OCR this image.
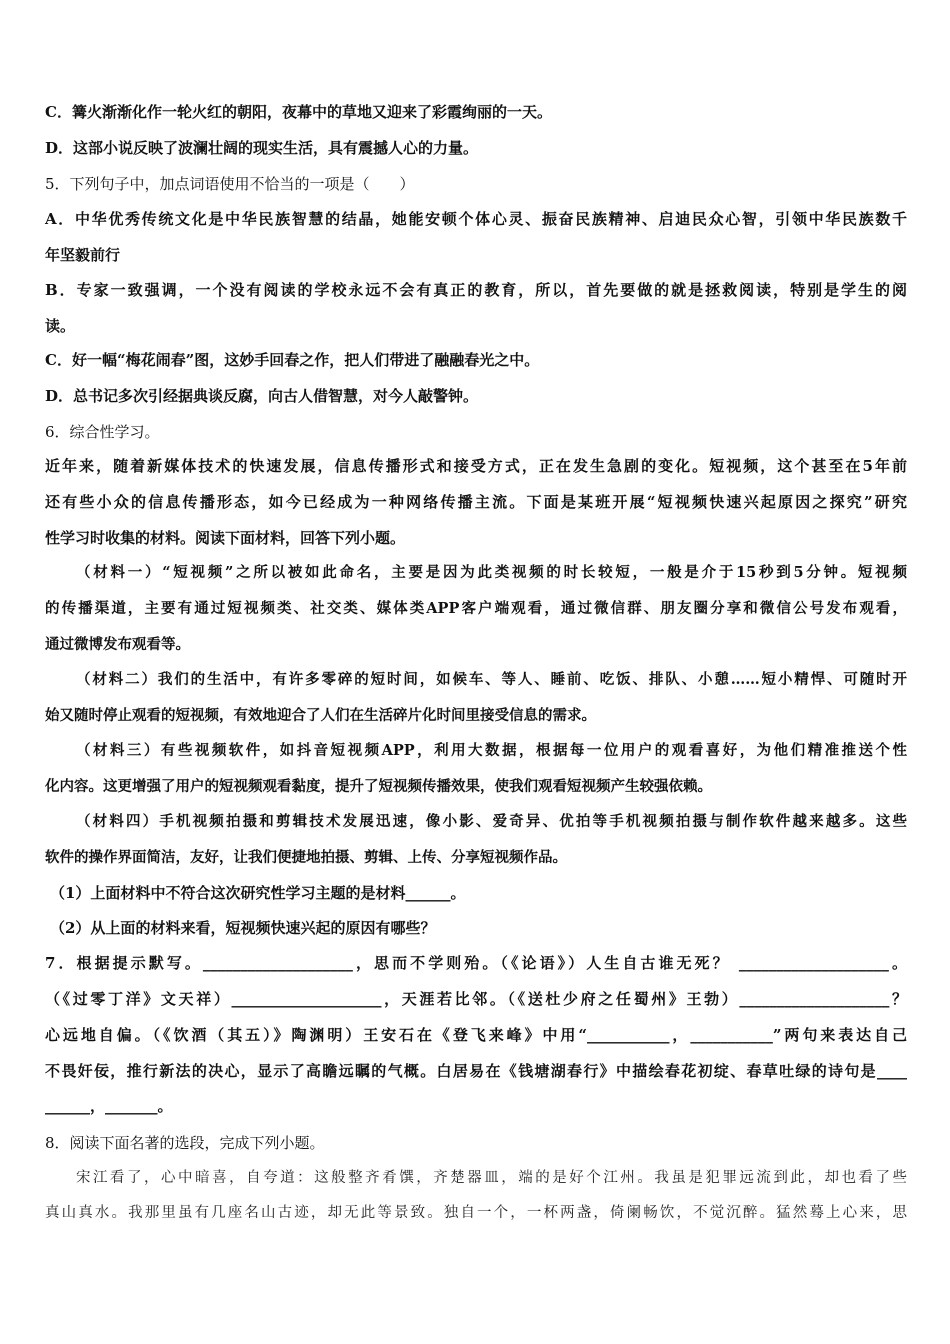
C．篝火渐渐化作一轮火红的朝阳，夜幕中的草地又迎来了彩霞绚丽的一天。
D．这部小说反映了波澜壮阔的现实生活，具有震撼人心的力量。
5．下列句子中，加点词语使用不恰当的一项是（　　）
A．中华优秀传统文化是中华民族智慧的结晶，她能安顿个体心灵、振奋民族精神、启迪民众心智，引领中华民族数千
年坚毅前行
B．专家一致强调，一个没有阅读的学校永远不会有真正的教育，所以，首先要做的就是拯救阅读，特别是学生的阅
读。
C．好一幅“梅花闹春”图，这妙手回春之作，把人们带进了融融春光之中。
D．总书记多次引经据典谈反腐，向古人借智慧，对今人敲警钟。
6．综合性学习。
近年来，随着新媒体技术的快速发展，信息传播形式和接受方式，正在发生急剧的变化。短视频，这个甚至在5年前
还有些小众的信息传播形态，如今已经成为一种网络传播主流。下面是某班开展“短视频快速兴起原因之探究”研究
性学习时收集的材料。阅读下面材料，回答下列小题。
（材料一）“短视频”之所以被如此命名，主要是因为此类视频的时长较短，一般是介于15秒到5分钟。短视频
的传播渠道，主要有通过短视频类、社交类、媒体类APP客户端观看，通过微信群、朋友圈分享和微信公号发布观看，
通过微博发布观看等。
（材料二）我们的生活中，有许多零碎的短时间，如候车、等人、睡前、吃饭、排队、小憩……短小精悍、可随时开
始又随时停止观看的短视频，有效地迎合了人们在生活碎片化时间里接受信息的需求。
（材料三）有些视频软件，如抖音短视频APP，利用大数据，根据每一位用户的观看喜好，为他们精准推送个性
化内容。这更增强了用户的短视频观看黏度，提升了短视频传播效果，使我们观看短视频产生较强依赖。
（材料四）手机视频拍摄和剪辑技术发展迅速，像小影、爱奇异、优拍等手机视频拍摄与制作软件越来越多。这些
软件的操作界面简洁，友好，让我们便捷地拍摄、剪辑、上传、分享短视频作品。
（1）上面材料中不符合这次研究性学习主题的是材料______。
（2）从上面的材料来看，短视频快速兴起的原因有哪些？
7．根据提示默写。____________________，思而不学则殆。（《论语》）人生自古谁无死？ ____________________。
（《过零丁洋》文天祥）____________________，天涯若比邻。（《送杜少府之任蜀州》王勃）____________________？
心远地自偏。（《饮酒（其五）》陶渊明）王安石在《登飞来峰》中用“___________，___________”两句来表达自己
不畏奸佞，推行新法的决心，显示了高瞻远瞩的气概。白居易在《钱塘湖春行》中描绘春花初绽、春草吐绿的诗句是____
______，_______。
8．阅读下面名著的选段，完成下列小题。
宋江看了，心中暗喜，自夸道：这般整齐肴馔，齐楚器皿，端的是好个江州。我虽是犯罪远流到此，却也看了些
真山真水。我那里虽有几座名山古迹，却无此等景致。独自一个，一杯两盏，倚阑畅饮，不觉沉醉。猛然蓦上心来，思
